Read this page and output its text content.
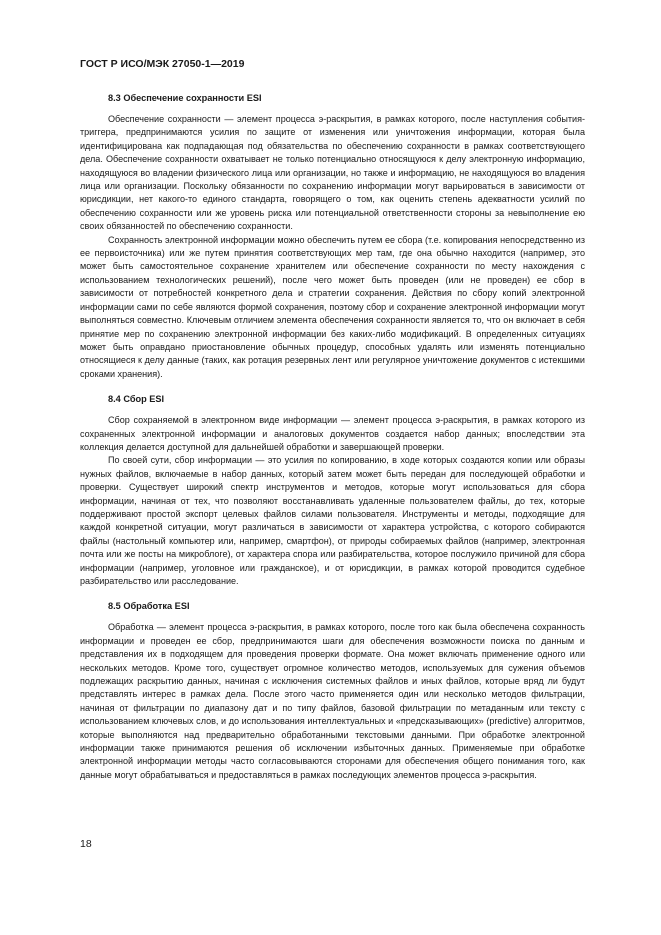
ГОСТ Р ИСО/МЭК 27050-1—2019
8.3 Обеспечение сохранности ESI

Обеспечение сохранности — элемент процесса э-раскрытия, в рамках которого, после наступления события-триггера, предпринимаются усилия по защите от изменения или уничтожения информации, которая была идентифицирована как подпадающая под обязательства по обеспечению сохранности в рамках соответствующего дела. Обеспечение сохранности охватывает не только потенциально относящуюся к делу электронную информацию, находящуюся во владении физического лица или организации, но также и информацию, не находящуюся во владения лица или организации. Поскольку обязанности по сохранению информации могут варьироваться в зависимости от юрисдикции, нет какого-то единого стандарта, говорящего о том, как оценить степень адекватности усилий по обеспечению сохранности или же уровень риска или потенциальной ответственности стороны за невыполнение ею своих обязанностей по обеспечению сохранности.

Сохранность электронной информации можно обеспечить путем ее сбора (т.е. копирования непосредственно из ее первоисточника) или же путем принятия соответствующих мер там, где она обычно находится (например, это может быть самостоятельное сохранение хранителем или обеспечение сохранности по месту нахождения с использованием технологических решений), после чего может быть проведен (или не проведен) ее сбор в зависимости от потребностей конкретного дела и стратегии сохранения. Действия по сбору копий электронной информации сами по себе являются формой сохранения, поэтому сбор и сохранение электронной информации могут выполняться совместно. Ключевым отличием элемента обеспечения сохранности является то, что он включает в себя принятие мер по сохранению электронной информации без каких-либо модификаций. В определенных ситуациях может быть оправдано приостановление обычных процедур, способных удалять или изменять потенциально относящиеся к делу данные (таких, как ротация резервных лент или регулярное уничтожение документов с истекшими сроками хранения).

8.4 Сбор ESI

Сбор сохраняемой в электронном виде информации — элемент процесса э-раскрытия, в рамках которого из сохраненных электронной информации и аналоговых документов создается набор данных; впоследствии эта коллекция делается доступной для дальнейшей обработки и завершающей проверки.

По своей сути, сбор информации — это усилия по копированию, в ходе которых создаются копии или образы нужных файлов, включаемые в набор данных, который затем может быть передан для последующей обработки и проверки. Существует широкий спектр инструментов и методов, которые могут использоваться для сбора информации, начиная от тех, что позволяют восстанавливать удаленные пользователем файлы, до тех, которые поддерживают простой экспорт целевых файлов силами пользователя. Инструменты и методы, подходящие для каждой конкретной ситуации, могут различаться в зависимости от характера устройства, с которого собираются файлы (настольный компьютер или, например, смартфон), от природы собираемых файлов (например, электронная почта или же посты на микроблоге), от характера спора или разбирательства, которое послужило причиной для сбора информации (например, уголовное или гражданское), и от юрисдикции, в рамках которой проводится судебное разбирательство или расследование.

8.5 Обработка ESI

Обработка — элемент процесса э-раскрытия, в рамках которого, после того как была обеспечена сохранность информации и проведен ее сбор, предпринимаются шаги для обеспечения возможности поиска по данным и представления их в подходящем для проведения проверки формате. Она может включать применение одного или нескольких методов. Кроме того, существует огромное количество методов, используемых для сужения объемов подлежащих раскрытию данных, начиная с исключения системных файлов и иных файлов, которые вряд ли будут представлять интерес в рамках дела. После этого часто применяется один или несколько методов фильтрации, начиная от фильтрации по диапазону дат и по типу файлов, базовой фильтрации по метаданным или тексту с использованием ключевых слов, и до использования интеллектуальных и «предсказывающих» (predictive) алгоритмов, которые выполняются над предварительно обработанными текстовыми данными. При обработке электронной информации также принимаются решения об исключении избыточных данных. Применяемые при обработке электронной информации методы часто согласовываются сторонами для обеспечения общего понимания того, как данные могут обрабатываться и предоставляться в рамках последующих элементов процесса э-раскрытия.

18
